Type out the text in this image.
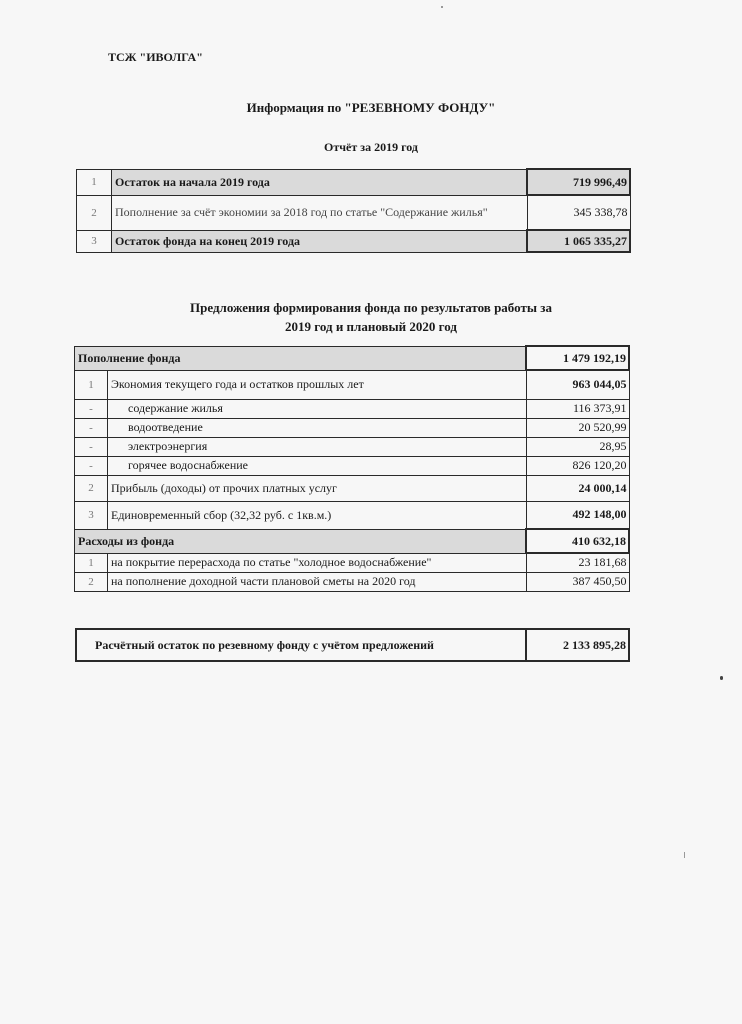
ТСЖ "ИВОЛГА"
Информация по "РЕЗЕВНОМУ ФОНДУ"
Отчёт за 2019 год
1	Остаток на начала 2019 года	719 996,49
2	Пополнение за счёт экономии за 2018 год по статье "Содержание жилья"	345 338,78
3	Остаток фонда на конец 2019 года	1 065 335,27
Предложения формирования фонда по результатов работы за
2019 год и плановый 2020 год
Пополнение фонда		1 479 192,19
1	Экономия текущего года и остатков прошлых лет	963 044,05
-	содержание жилья	116 373,91
-	водоотведение	20 520,99
-	электроэнергия	28,95
-	горячее водоснабжение	826 120,20
2	Прибыль (доходы) от прочих платных услуг	24 000,14
3	Единовременный сбор (32,32 руб. с 1кв.м.)	492 148,00
Расходы из фонда		410 632,18
1	на покрытие перерасхода по статье "холодное водоснабжение"	23 181,68
2	на пополнение доходной части плановой сметы на 2020 год	387 450,50
Расчётный остаток по резевному фонду с учётом предложений	2 133 895,28
